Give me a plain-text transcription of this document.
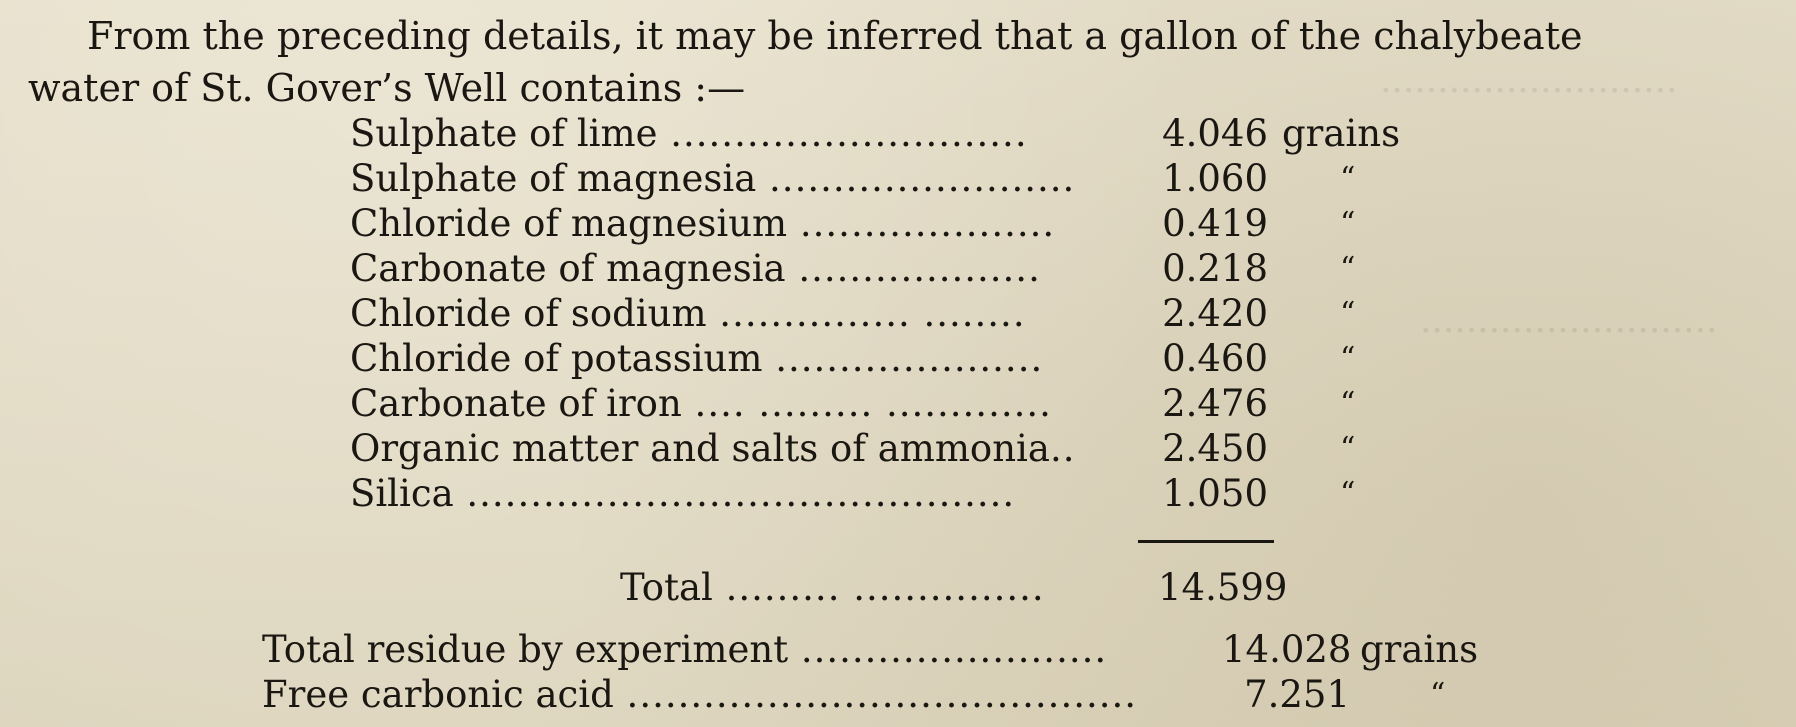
..........................
..........................
From the preceding details, it may be inferred that a gallon of the chalybeate
water of St. Gover’s Well contains :—
Sulphate of lime ............................	4.046 grains
Sulphate of magnesia ........................	1.060 “
Chloride of magnesium ....................	0.419 “
Carbonate of magnesia ...................	0.218 “
Chloride of sodium ............... ........	2.420 “
Chloride of potassium .....................	0.460 “
Carbonate of iron .... ......... .............	2.476 “
Organic matter and salts of ammonia..	2.450 “
Silica ...........................................	1.050 “
Total ......... ...............	14.599
Total residue by experiment ........................	14.028 grains
Free carbonic acid ........................................	7.251	“
